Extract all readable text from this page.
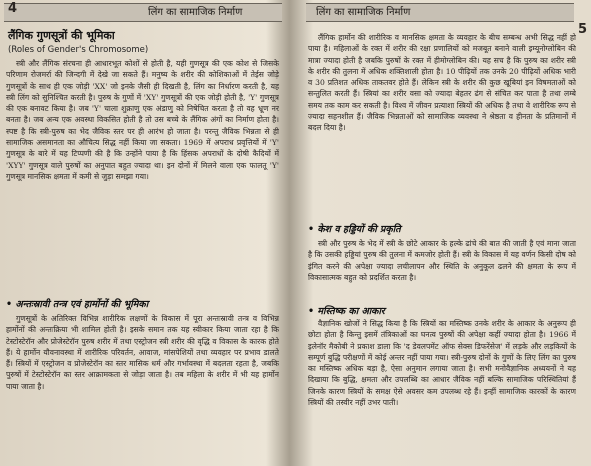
4	लिंग का सामाजिक निर्माण
लैंगिक गुणसूत्रों की भूमिका
(Roles of Gender's Chromosome)
स्त्री और लैंगिक संरचना ही आधारभूत कोशों से होती है, यही गुणसूत्र की एक कोश से जिसके परिणाम रोजमर्रा की जिन्दगी में देखे जा सकते हैं। मनुष्य के शरीर की कोशिकाओं में तेईस जोड़े गुणसूत्रों के साथ ही एक जोड़ी 'XX' जो इनके जैसी ही दिखती है, लिंग का निर्धारण करती है, यह स्त्री लिंग को सुनिश्चित करती है। पुरुष के गुणों में 'XY' गुणसूत्रों की एक जोड़ी होती है, 'Y' गुणसूत्र की एक बनावट किया है। जब 'Y' चाला शुक्राणु एक अंडाणु को निषेचित करता है तो वह भ्रूण नर बनता है। जब अन्य एक अवस्था विकसित होती है तो उस बच्चे के लैंगिक अंगों का निर्माण होता है। स्पष्ट है कि स्त्री-पुरुष का भेद जैविक स्तर पर ही आरंभ हो जाता है। परन्तु जैविक भिन्नता से ही सामाजिक असमानता का औचित्य सिद्ध नहीं किया जा सकता। 1969 में अपराध प्रवृत्तियों में 'Y' गुणसूत्र के बारे में यह टिप्पणी की है कि उन्होंने पाया है कि हिंसक अपराधों के दोषी कैदियों में 'XYY' गुणसूत्र वाले पुरुषों का अनुपात बहुत ज्यादा था। इन दोनों में मिलने वाला एक फालतू 'Y' गुणसूत्र मानसिक क्षमता में कमी से जुड़ा समझा गया।
• अन्तःस्रावी तन्त्र एवं हार्मोनों की भूमिका
गुणसूत्रों के अतिरिक्त विभिन्न शारीरिक लक्षणों के विकास में पूरा अन्तःस्रावी तन्त्र व विभिन्न हार्मोनों की अन्तःक्रिया भी शामिल होती है। इसके समान तक यह स्वीकार किया जाता रहा है कि टेस्टोस्टेरॉन और प्रोजेस्टेरॉन पुरुष शरीर में तथा एस्ट्रोजन स्त्री शरीर की वृद्धि व विकास के कारक होते हैं। ये हार्मोन यौवनावस्था में शारीरिक परिवर्तन, आवाज, मांसपेशियों तथा व्यवहार पर प्रभाव डालते हैं। स्त्रियों में एस्ट्रोजन व प्रोजेस्टेरॉन का स्तर मासिक धर्म और गर्भावस्था में बदलता रहता है, जबकि पुरुषों में टेस्टोस्टेरॉन का स्तर आक्रामकता से जोड़ा जाता है। तब महिला के शरीर में भी यह हार्मोन पाया जाता है।
लिंग का सामाजिक निर्माण
5
लैंगिक हार्मोन की शारीरिक व मानसिक क्षमता के व्यवहार के बीच सम्बन्ध अभी सिद्ध नहीं हो पाया है। महिलाओं के रक्त में शरीर की रक्षा प्रणालियों को मजबूत बनाने वाली इम्यूनोग्लोबिन की मात्रा ज्यादा होती है जबकि पुरुषों के रक्त में हीमोग्लोबिन की। यह सच है कि पुरुष का शरीर स्त्री के शरीर की तुलना में अधिक शक्तिशाली होता है। 10 पीढ़ियों तक उनके 20 पीढ़ियों अधिक भारी व 30 प्रतिशत अधिक ताकतवर होते हैं। लेकिन स्त्री के शरीर की कुछ खूबियां इन विषमताओं को सन्तुलित करती हैं। स्त्रियां का शरीर वसा को ज्यादा बेहतर ढंग से संचित कर पाता है तथा लम्बे समय तक काम कर सकती है। विश्व में जीवन प्रत्याशा स्त्रियों की अधिक है तथा वे शारीरिक रूप से ज्यादा सहनशील हैं। जैविक भिन्नताओं को सामाजिक व्यवस्था ने श्रेष्ठता व हीनता के प्रतिमानों में बदल दिया है।
• केश व हड्डियों की प्रकृति
स्त्री और पुरुष के भेद में स्त्री के छोटे आकार के हल्के ढांचे की बात की जाती है एवं माना जाता है कि उसकी हड्डियां पुरुष की तुलना में कमजोर होती हैं। स्त्री के विकास में यह वर्णन किसी दोष को इंगित करने की अपेक्षा ज्यादा लचीलापन और स्थिति के अनुकूल ढलने की क्षमता के रूप में विकासात्मक बहुत को प्रदर्शित करता है।
• मस्तिष्क का आकार
वैज्ञानिक खोजों ने सिद्ध किया है कि स्त्रियों का मस्तिष्क उनके शरीर के आकार के अनुरूप ही छोटा होता है किन्तु इसमें तंत्रिकाओं का घनत्व पुरुषों की अपेक्षा कहीं ज्यादा होता है। 1966 में इलेनॉर मैकोबी ने प्रकाश डाला कि 'द डेवलपमेंट ऑफ सेक्स डिफरेंसेज' में लड़के और लड़कियों के सम्पूर्ण बुद्धि परीक्षणों में कोई अन्तर नहीं पाया गया। स्त्री-पुरुष दोनों के गुणों के लिए लिंग का पुरुष का मस्तिष्क अधिक बड़ा है, ऐसा अनुमान लगाया जाता है। सभी मनोवैज्ञानिक अध्ययनों ने यह दिखाया कि बुद्धि, क्षमता और उपलब्धि का आधार जैविक नहीं बल्कि सामाजिक परिस्थितियां हैं जिनके कारण स्त्रियों के समक्ष ऐसे अवसर कम उपलब्ध रहे हैं। इन्हीं सामाजिक कारकों के कारण स्त्रियों की तस्वीर नहीं उभर पाती।
